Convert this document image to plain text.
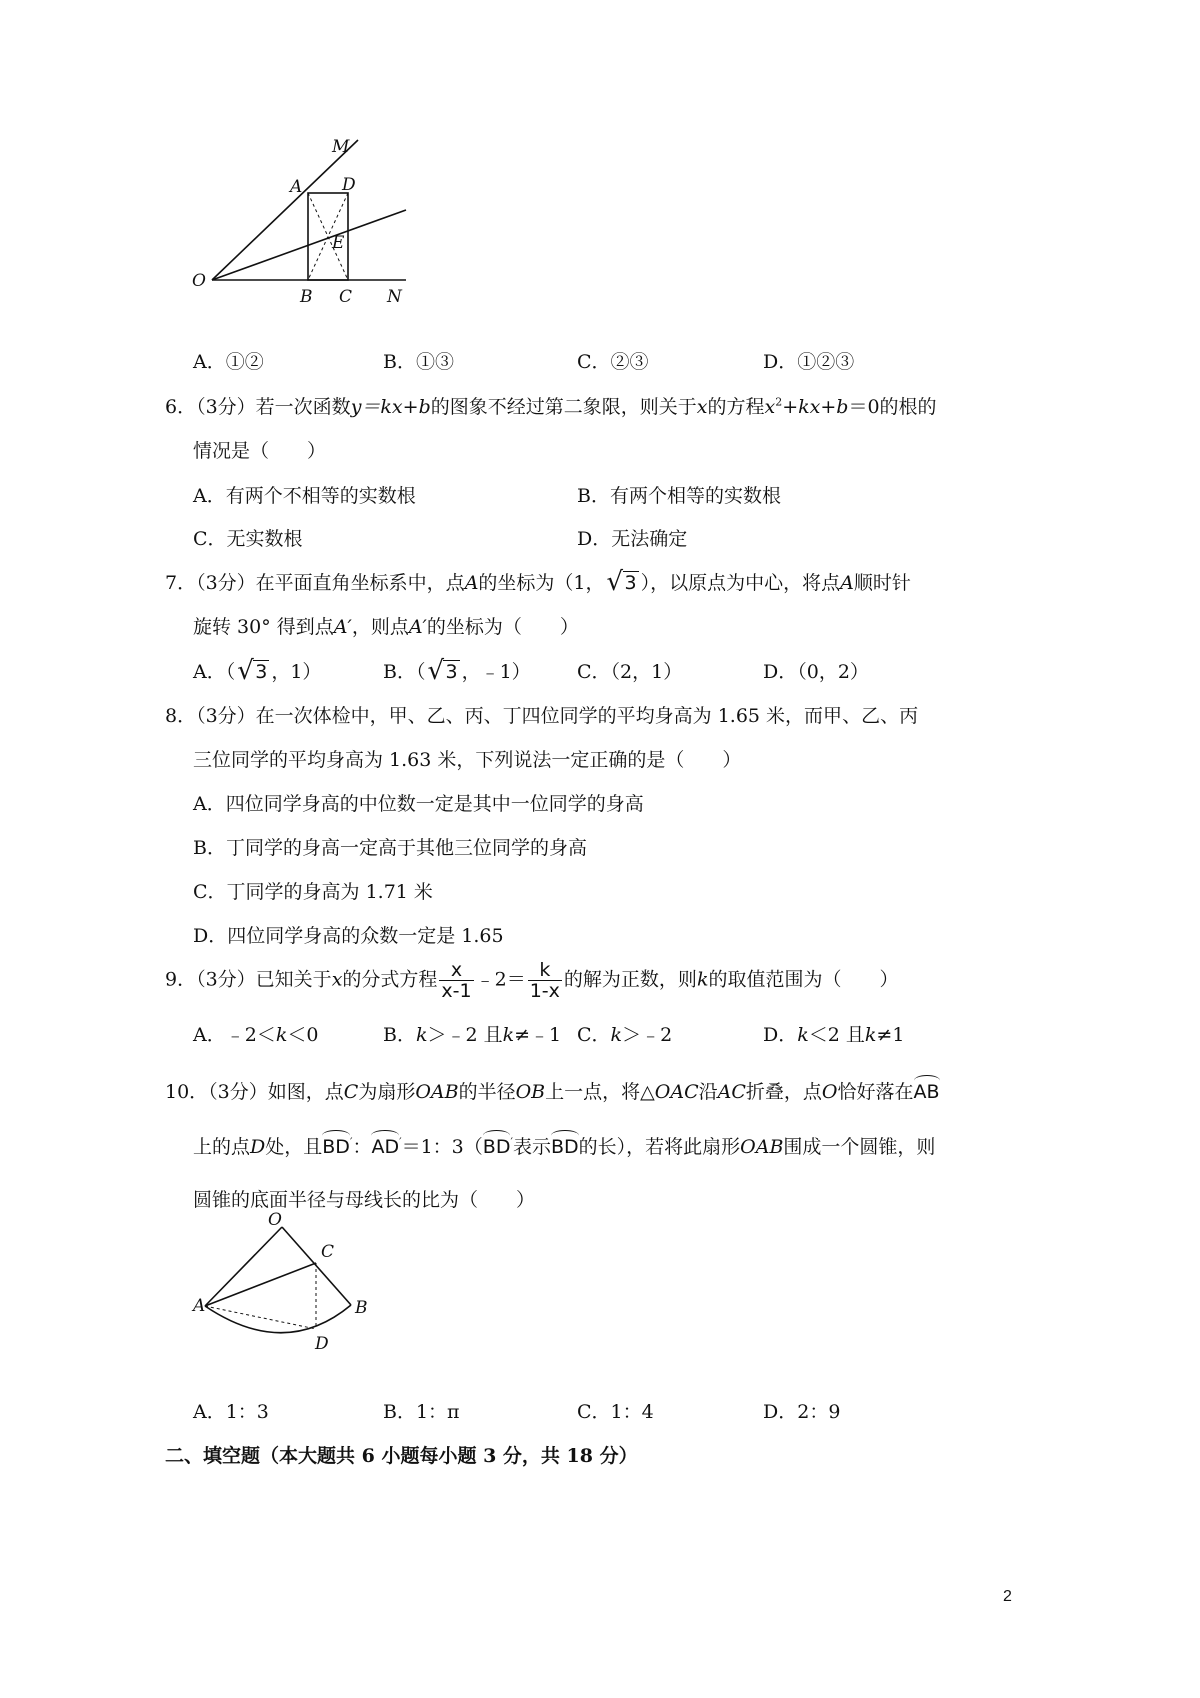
M
A D
E
O
B C N
A．①②	B．①③	C．②③	D．①②③
6．（3分）若一次函数y＝kx+b的图象不经过第二象限，则关于x的方程$x^2+kx+b=0$的根的
情况是（　　）
A．有两个不相等的实数根	B．有两个相等的实数根
C．无实数根	D．无法确定
7．（3分）在平面直角坐标系中，点A的坐标为（1， √ 3 ），以原点为中心，将点A顺时针
旋转 30° 得到点A′，则点A′的坐标为（　　）
A．（ √ 3 ，1）	B．（ √ 3 ，﹣1） C．（2，1）	D．（0，2）
8．（3分）在一次体检中，甲、乙、丙、丁四位同学的平均身高为 1.65 米，而甲、乙、丙
三位同学的平均身高为 1.63 米，下列说法一定正确的是（　　）
A．四位同学身高的中位数一定是其中一位同学的身高
B．丁同学的身高一定高于其他三位同学的身高
C．丁同学的身高为 1.71 米
D．四位同学身高的众数一定是 1.65
9．（3分）已知关于x的分式方程 $\frac{x}{x-1}$ ﹣2＝ $\frac{k}{1-x}$ 的解为正数，则k的取值范围为（　　）
A．﹣2＜k＜0	B．k＞﹣2 且k≠﹣1 C．k＞﹣2	D．k＜2 且k≠1
10．（3分）如图，点C为扇形OAB的半径OB上一点，将△OAC沿AC折叠，点O恰好落在AB
上的点D处，且BD′：AD′＝1：3（BD′表示BD的长），若将此扇形OAB围成一个圆锥，则
圆锥的底面半径与母线长的比为（　　）
O
C
A	B
D
A．1：3	B．1：π	C．1：4	D．2：9
二、填空题（本大题共 6 小题每小题 3 分，共 18 分）
2
